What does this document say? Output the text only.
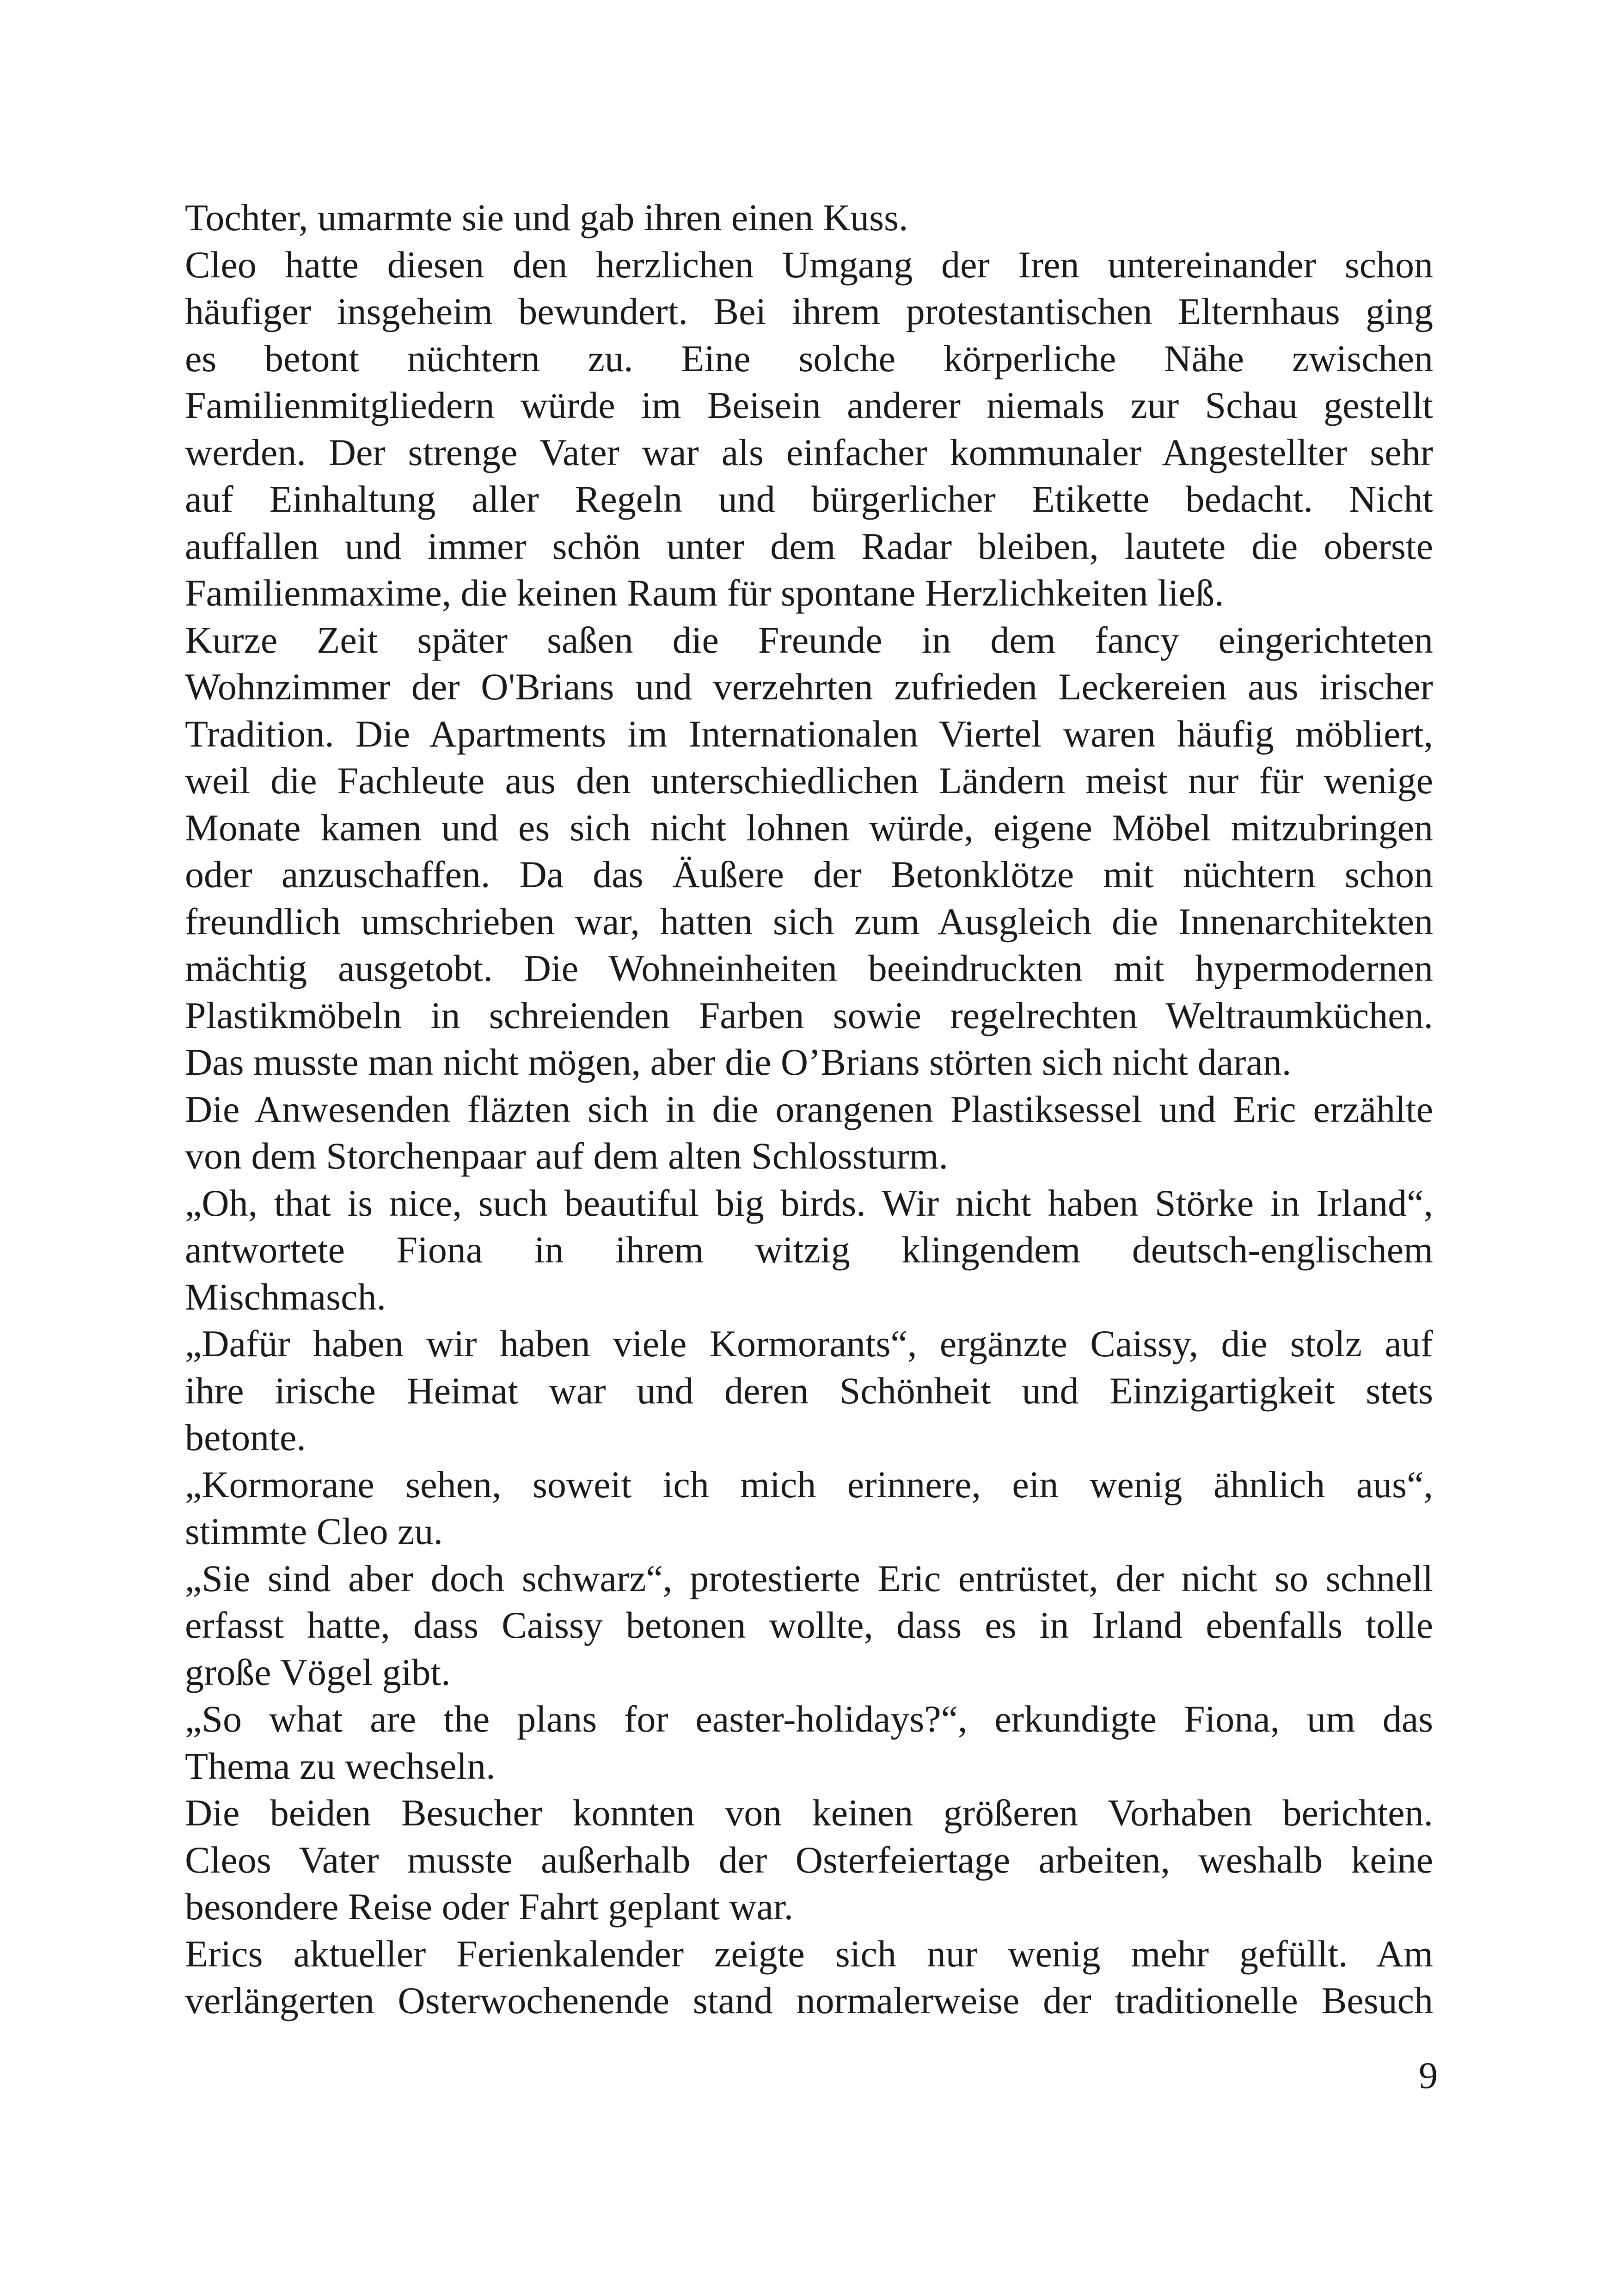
Tochter, umarmte sie und gab ihren einen Kuss.
Cleo hatte diesen den herzlichen Umgang der Iren untereinander schon
häufiger insgeheim bewundert. Bei ihrem protestantischen Elternhaus ging
es betont nüchtern zu. Eine solche körperliche Nähe zwischen
Familienmitgliedern würde im Beisein anderer niemals zur Schau gestellt
werden. Der strenge Vater war als einfacher kommunaler Angestellter sehr
auf Einhaltung aller Regeln und bürgerlicher Etikette bedacht. Nicht
auffallen und immer schön unter dem Radar bleiben, lautete die oberste
Familienmaxime, die keinen Raum für spontane Herzlichkeiten ließ.
Kurze Zeit später saßen die Freunde in dem fancy eingerichteten
Wohnzimmer der O'Brians und verzehrten zufrieden Leckereien aus irischer
Tradition. Die Apartments im Internationalen Viertel waren häufig möbliert,
weil die Fachleute aus den unterschiedlichen Ländern meist nur für wenige
Monate kamen und es sich nicht lohnen würde, eigene Möbel mitzubringen
oder anzuschaffen. Da das Äußere der Betonklötze mit nüchtern schon
freundlich umschrieben war, hatten sich zum Ausgleich die Innenarchitekten
mächtig ausgetobt. Die Wohneinheiten beeindruckten mit hypermodernen
Plastikmöbeln in schreienden Farben sowie regelrechten Weltraumküchen.
Das musste man nicht mögen, aber die O’Brians störten sich nicht daran.
Die Anwesenden fläzten sich in die orangenen Plastiksessel und Eric erzählte
von dem Storchenpaar auf dem alten Schlossturm.
„Oh, that is nice, such beautiful big birds. Wir nicht haben Störke in Irland“,
antwortete Fiona in ihrem witzig klingendem deutsch-englischem
Mischmasch.
„Dafür haben wir haben viele Kormorants“, ergänzte Caissy, die stolz auf
ihre irische Heimat war und deren Schönheit und Einzigartigkeit stets
betonte.
„Kormorane sehen, soweit ich mich erinnere, ein wenig ähnlich aus“,
stimmte Cleo zu.
„Sie sind aber doch schwarz“, protestierte Eric entrüstet, der nicht so schnell
erfasst hatte, dass Caissy betonen wollte, dass es in Irland ebenfalls tolle
große Vögel gibt.
„So what are the plans for easter-holidays?“, erkundigte Fiona, um das
Thema zu wechseln.
Die beiden Besucher konnten von keinen größeren Vorhaben berichten.
Cleos Vater musste außerhalb der Osterfeiertage arbeiten, weshalb keine
besondere Reise oder Fahrt geplant war.
Erics aktueller Ferienkalender zeigte sich nur wenig mehr gefüllt. Am
verlängerten Osterwochenende stand normalerweise der traditionelle Besuch
9
